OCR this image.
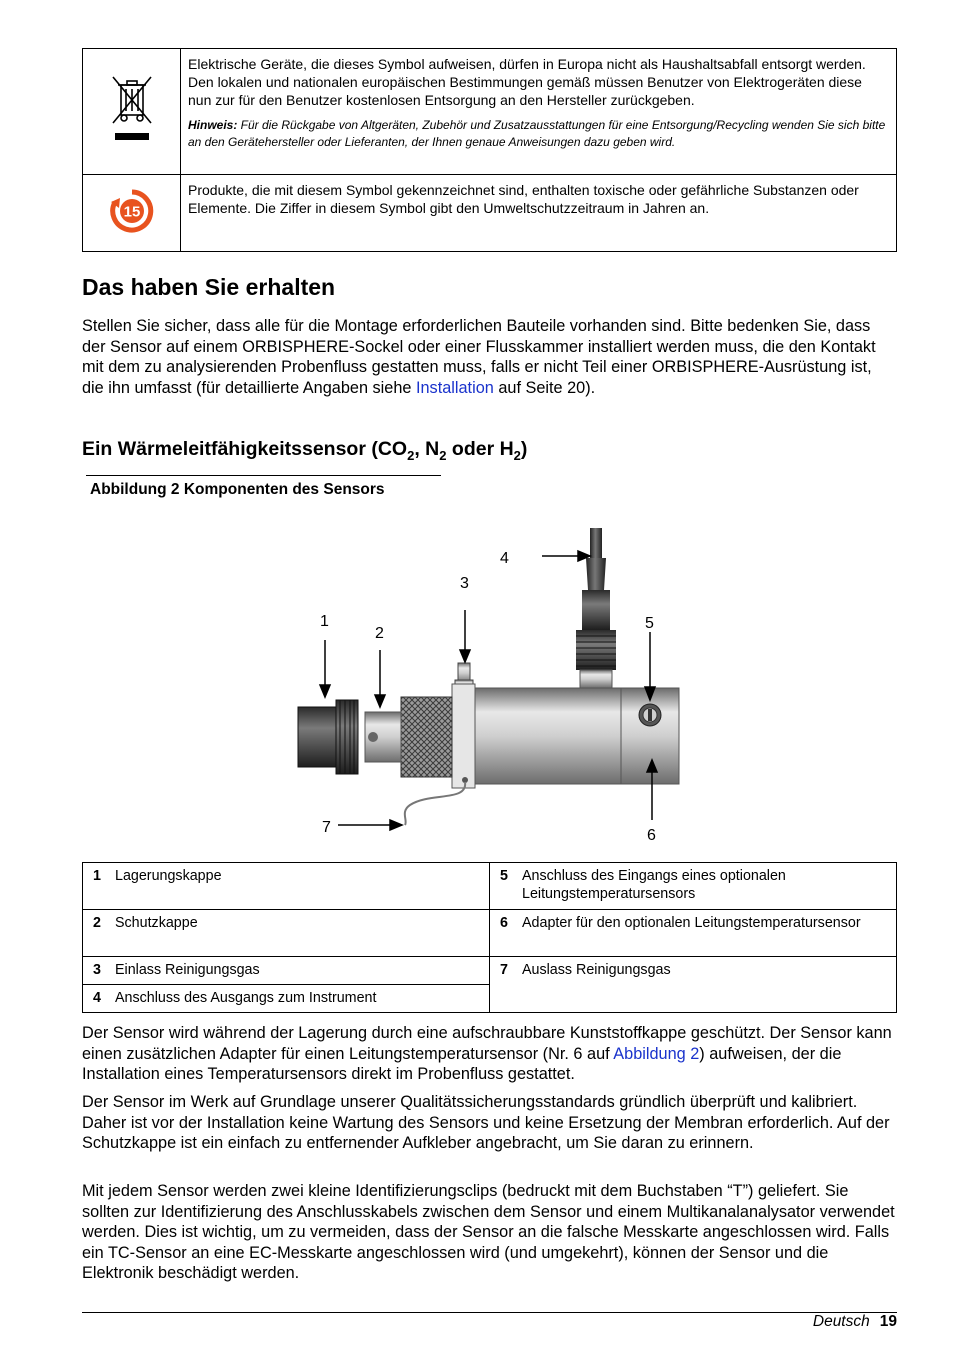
Elektrische Geräte, die dieses Symbol aufweisen, dürfen in Europa nicht als Haushaltsabfall entsorgt werden. Den lokalen und nationalen europäischen Bestimmungen gemäß müssen Benutzer von Elektrogeräten diese nun zur für den Benutzer kostenlosen Entsorgung an den Hersteller zurückgeben.
Hinweis: Für die Rückgabe von Altgeräten, Zubehör und Zusatzausstattungen für eine Entsorgung/Recycling wenden Sie sich bitte an den Gerätehersteller oder Lieferanten, der Ihnen genaue Anweisungen dazu geben wird.

15	Produkte, die mit diesem Symbol gekennzeichnet sind, enthalten toxische oder gefährliche Substanzen oder Elemente. Die Ziffer in diesem Symbol gibt den Umweltschutzzeitraum in Jahren an.
Das haben Sie erhalten

Stellen Sie sicher, dass alle für die Montage erforderlichen Bauteile vorhanden sind. Bitte bedenken Sie, dass der Sensor auf einem ORBISPHERE-Sockel oder einer Flusskammer installiert werden muss, die den Kontakt mit dem zu analysierenden Probenfluss gestatten muss, falls er nicht Teil einer ORBISPHERE-Ausrüstung ist, die ihn umfasst (für detaillierte Angaben siehe Installation auf Seite 20).

Ein Wärmeleitfähigkeitssensor ($CO_2$, $N_2$ oder $H_2$)
Abbildung 2 Komponenten des Sensors
1
2
3
4
5
6
7
1 Lagerungskappe	5 Anschluss des Eingangs eines optionalen Leitungstemperatursensors
2 Schutzkappe	6 Adapter für den optionalen Leitungstemperatursensor
3 Einlass Reinigungsgas	7 Auslass Reinigungsgas
4 Anschluss des Ausgangs zum Instrument	

Der Sensor wird während der Lagerung durch eine aufschraubbare Kunststoffkappe geschützt. Der Sensor kann einen zusätzlichen Adapter für einen Leitungstemperatursensor (Nr. 6 auf Abbildung 2) aufweisen, der die Installation eines Temperatursensors direkt im Probenfluss gestattet.

Der Sensor im Werk auf Grundlage unserer Qualitätssicherungsstandards gründlich überprüft und kalibriert. Daher ist vor der Installation keine Wartung des Sensors und keine Ersetzung der Membran erforderlich. Auf der Schutzkappe ist ein einfach zu entfernender Aufkleber angebracht, um Sie daran zu erinnern.

Mit jedem Sensor werden zwei kleine Identifizierungsclips (bedruckt mit dem Buchstaben “T”) geliefert. Sie sollten zur Identifizierung des Anschlusskabels zwischen dem Sensor und einem Multikanalanalysator verwendet werden. Dies ist wichtig, um zu vermeiden, dass der Sensor an die falsche Messkarte angeschlossen wird. Falls ein TC-Sensor an eine EC-Messkarte angeschlossen wird (und umgekehrt), können der Sensor und die Elektronik beschädigt werden.

Deutsch 19
